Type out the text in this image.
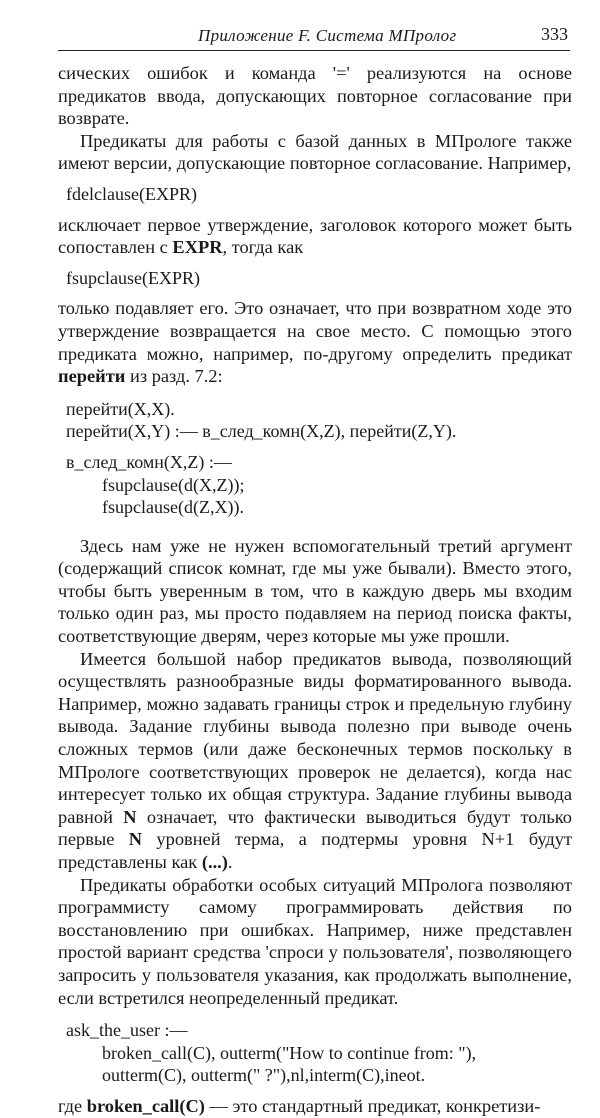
Приложение F. Система МПролог	333

сических ошибок и команда '=' реализуются на основе предикатов ввода, допускающих повторное согласование при возврате.

Предикаты для работы с базой данных в МПрологе также имеют версии, допускающие повторное согласование. Например,

fdelclause(EXPR)

исключает первое утверждение, заголовок которого может быть сопоставлен с EXPR, тогда как

fsupclause(EXPR)

только подавляет его. Это означает, что при возвратном ходе это утверждение возвращается на свое место. С помощью этого предиката можно, например, по-другому определить предикат перейти из разд. 7.2:

перейти(X,X).
перейти(X,Y) :— в_след_комн(X,Z), перейти(Z,Y).
в_след_комн(X,Z) :—
fsupclause(d(X,Z));
fsupclause(d(Z,X)).

Здесь нам уже не нужен вспомогательный третий аргумент (содержащий список комнат, где мы уже бывали). Вместо этого, чтобы быть уверенным в том, что в каждую дверь мы входим только один раз, мы просто подавляем на период поиска факты, соответствующие дверям, через которые мы уже прошли.

Имеется большой набор предикатов вывода, позволяющий осуществлять разнообразные виды форматированного вывода. Например, можно задавать границы строк и предельную глубину вывода. Задание глубины вывода полезно при выводе очень сложных термов (или даже бесконечных термов поскольку в МПрологе соответствующих проверок не делается), когда нас интересует только их общая структура. Задание глубины вывода равной N означает, что фактически выводиться будут только первые N уровней терма, а подтермы уровня N+1 будут представлены как (...).

Предикаты обработки особых ситуаций МПролога позволяют программисту самому программировать действия по восстановлению при ошибках. Например, ниже представлен простой вариант средства 'спроси у пользователя', позволяющего запросить у пользователя указания, как продолжать выполнение, если встретился неопределенный предикат.

ask_the_user :—
broken_call(C), outterm("How to continue from: "),
outterm(C), outterm(" ?"),nl,interm(C),ineot.

где broken_call(C) — это стандартный предикат, конкретизи-
